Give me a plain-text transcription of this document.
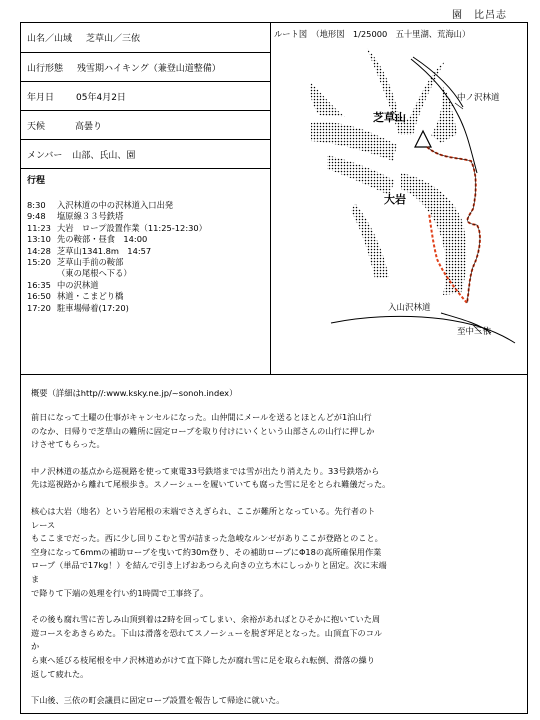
園　比呂志
山名／山域 芝草山／三依
山行形態 残雪期ハイキング（兼登山道整備）
年月日 05年4月2日
天候	高曇り
メンバー 山部、氏山、園
行程
8:30	入沢林道の中の沢林道入口出発
9:48	塩原線３３号鉄塔
11:23 大岩　ロープ設置作業（11:25-12:30）
13:10 先の鞍部・昼食　14:00
14:28 芝草山1341.8m　14:57
15:20 芝草山手前の鞍部
（東の尾根へ下る）
16:35 中の沢林道
16:50 林道・こまどり橋
17:20 駐車場帰着(17:20)
ルート図　（地形図　1/25000　五十里湖、荒海山）
中ノ沢林道
芝草山
大岩
入山沢林道
至中三依
概要（詳細はhttp//:www.ksky.ne.jp/~sonoh.index）
前日になって土曜の仕事がキャンセルになった。山仲間にメールを送るとほとんどが1泊山行
のなか、日帰りで芝草山の難所に固定ロープを取り付けにいくという山部さんの山行に押しか
けさせてもらった。
中ノ沢林道の基点から巡視路を使って東電33号鉄塔までは雪が出たり消えたり。33号鉄塔から
先は巡視路から離れて尾根歩き。スノーシューを履いていても腐った雪に足をとられ難儀だった。
核心は大岩（地名）という岩尾根の末端でさえぎられ、ここが難所となっている。先行者のト
レース
もここまでだった。西に少し回りこむと雪が詰まった急峻なルンゼがありここが登路とのこと。
空身になって6mmの補助ロープを曳いて約30m登り、その補助ロープにΦ18の高所確保用作業
ロープ（単品で17kg！）を結んで引き上げおあつらえ向きの立ち木にしっかりと固定。次に末端
ま
で降りて下端の処理を行い約1時間で工事終了。
その後も腐れ雪に苦しみ山頂到着は2時を回ってしまい、余裕があればとひそかに抱いていた周
遊コースをあきらめた。下山は滑落を恐れてスノーシューを脱ぎ坪足となった。山頂直下のコル
か
ら東へ延びる枝尾根を中ノ沢林道めがけて直下降したが腐れ雪に足を取られ転倒、滑落の繰り
返して疲れた。
下山後、三依の町会議員に固定ロープ設置を報告して帰途に就いた。
